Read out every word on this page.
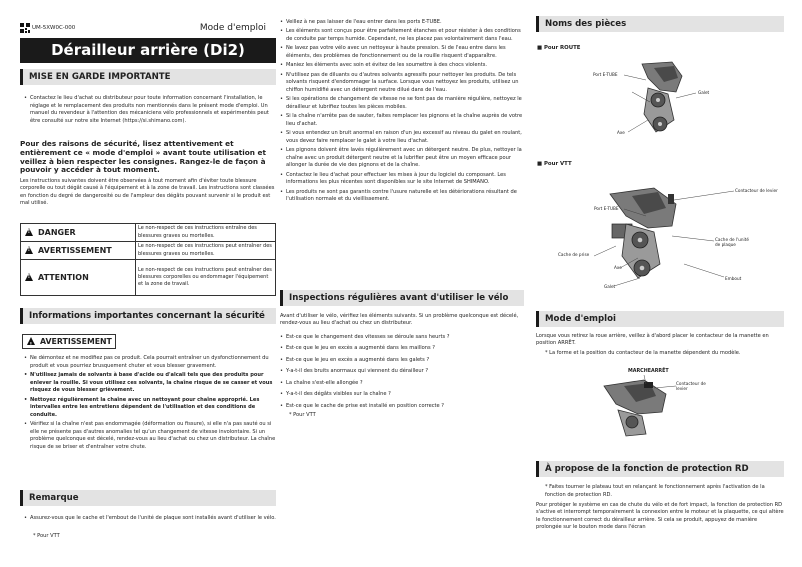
UM-5XW0C-000	Mode d'emploi
Dérailleur arrière (Di2)
MISE EN GARDE IMPORTANTE
• Contactez le lieu d'achat ou distributeur pour toute information concernant l'installation, le réglage et le remplacement des produits non mentionnés dans le présent mode d'emploi. Un manuel du revendeur à l'attention des mécaniciens vélo professionnels et expérimentés peut être consulté sur notre site Internet (https://si.shimano.com).
Pour des raisons de sécurité, lisez attentivement et entièrement ce « mode d'emploi » avant toute utilisation et veillez à bien respecter les consignes. Rangez-le de façon à pouvoir y accéder à tout moment.
Les instructions suivantes doivent être observées à tout moment afin d'éviter toute blessure corporelle ou tout dégât causé à l'équipement et à la zone de travail. Les instructions sont classées en fonction du degré de dangerosité ou de l'ampleur des dégâts pouvant survenir si le produit est mal utilisé.
!DANGER	Le non-respect de ces instructions entraîne des blessures graves ou mortelles.
!AVERTISSEMENT	Le non-respect de ces instructions peut entraîner des blessures graves ou mortelles.
!ATTENTION	Le non-respect de ces instructions peut entraîner des blessures corporelles ou endommager l'équipement et la zone de travail.
Informations importantes concernant la sécurité
!AVERTISSEMENT
• Ne démontez et ne modifiez pas ce produit. Cela pourrait entraîner un dysfonctionnement du produit et vous pourriez brusquement chuter et vous blesser gravement.
• N'utilisez jamais de solvants à base d'acide ou d'alcali tels que des produits pour enlever la rouille. Si vous utilisez ces solvants, la chaîne risque de se casser et vous risquez de vous blesser grièvement.
• Nettoyez régulièrement la chaîne avec un nettoyant pour chaîne approprié. Les intervalles entre les entretiens dépendent de l'utilisation et des conditions de conduite.
• Vérifiez si la chaîne n'est pas endommagée (déformation ou fissure), si elle n'a pas sauté ou si elle ne présente pas d'autres anomalies tel qu'un changement de vitesse involontaire. Si un problème quelconque est décelé, rendez-vous au lieu d'achat ou chez un distributeur. La chaîne risque de se briser et d'entraîner votre chute.
Remarque
• Assurez-vous que le cache et l'embout de l'unité de plaque sont installés avant d'utiliser le vélo.
* Pour VTT
• Veillez à ne pas laisser de l'eau entrer dans les ports E-TUBE.
• Les éléments sont conçus pour être parfaitement étanches et pour résister à des conditions de conduite par temps humide. Cependant, ne les placez pas volontairement dans l'eau.
• Ne lavez pas votre vélo avec un nettoyeur à haute pression. Si de l'eau entre dans les éléments, des problèmes de fonctionnement ou de la rouille risquent d'apparaître.
• Maniez les éléments avec soin et évitez de les soumettre à des chocs violents.
• N'utilisez pas de diluants ou d'autres solvants agressifs pour nettoyer les produits. De tels solvants risquent d'endommager la surface. Lorsque vous nettoyez les produits, utilisez un chiffon humidifié avec un détergent neutre dilué dans de l'eau.
• Si les opérations de changement de vitesse ne se font pas de manière régulière, nettoyez le dérailleur et lubrifiez toutes les pièces mobiles.
• Si la chaîne n'arrête pas de sauter, faites remplacer les pignons et la chaîne auprès de votre lieu d'achat.
• Si vous entendez un bruit anormal en raison d'un jeu excessif au niveau du galet en roulant, vous devez faire remplacer le galet à votre lieu d'achat.
• Les pignons doivent être lavés régulièrement avec un détergent neutre. De plus, nettoyer la chaîne avec un produit détergent neutre et la lubrifier peut être un moyen efficace pour allonger la durée de vie des pignons et de la chaîne.
• Contactez le lieu d'achat pour effectuer les mises à jour du logiciel du composant. Les informations les plus récentes sont disponibles sur le site Internet de SHIMANO.
• Les produits ne sont pas garantis contre l'usure naturelle et les détériorations résultant de l'utilisation normale et du vieillissement.
Inspections régulières avant d'utiliser le vélo
Avant d'utiliser le vélo, vérifiez les éléments suivants. Si un problème quelconque est décelé, rendez-vous au lieu d'achat ou chez un distributeur.
• Est-ce que le changement des vitesses se déroule sans heurts ?
• Est-ce que le jeu en excès a augmenté dans les maillons ?
• Est-ce que le jeu en excès a augmenté dans les galets ?
• Y-a-t-il des bruits anormaux qui viennent du dérailleur ?
• La chaîne s'est-elle allongée ?
• Y-a-t-il des dégâts visibles sur la chaîne ?
• Est-ce que le cache de prise est installé en position correcte ?
* Pour VTT
Noms des pièces
■ Pour ROUTE
Port E-TUBE
Galet
Axe
■ Pour VTT
Contacteur de levier
Port E-TUBE
Cache de l'unité de plaque
Cache de prise
Axe
Embout
Galet
Mode d'emploi
Lorsque vous retirez la roue arrière, veillez à d'abord placer le contacteur de la manette en position ARRÊT.
* La forme et la position du contacteur de la manette dépendent du modèle.
MARCHEARRÊT
Contacteur de levier
À propose de la fonction de protection RD
* Faites tourner le plateau tout en relançant le fonctionnement après l'activation de la fonction de protection RD.
Pour protéger le système en cas de chute du vélo et de fort impact, la fonction de protection RD s'active et interrompt temporairement la connexion entre le moteur et la plaquette, ce qui altère le fonctionnement correct du dérailleur arrière. Si cela se produit, appuyez de manière prolongée sur le bouton mode dans l'écran
